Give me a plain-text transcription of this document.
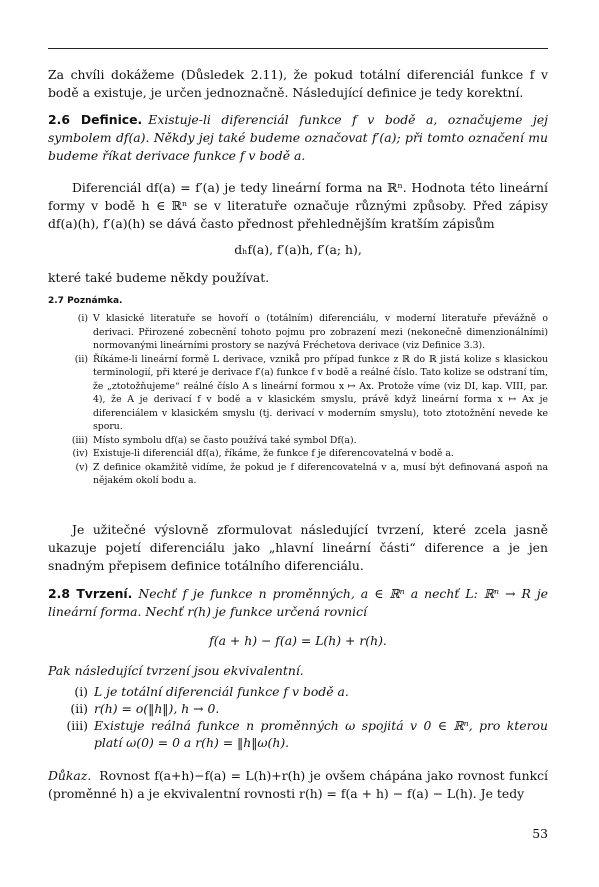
Za chvíli dokážeme (Důsledek 2.11), že pokud totální diferenciál funkce f v bodě a existuje, je určen jednoznačně. Následující definice je tedy korektní.

2.6 Definice. Existuje-li diferenciál funkce f v bodě a, označujeme jej symbolem df(a). Někdy jej také budeme označovat f′(a); při tomto označení mu budeme říkat derivace funkce f v bodě a.

Diferenciál df(a) = f′(a) je tedy lineární forma na ℝⁿ. Hodnota této lineární formy v bodě h ∈ ℝⁿ se v literatuře označuje různými způsoby. Před zápisy df(a)(h), f′(a)(h) se dává často přednost přehlednějším kratším zápisům

dₕf(a), f′(a)h, f′(a; h),

které také budeme někdy používat.

2.7 Poznámka.
(i) V klasické literatuře se hovoří o (totálním) diferenciálu, v moderní literatuře převážně o derivaci. Přirozené zobecnění tohoto pojmu pro zobrazení mezi (nekonečně dimenzionálními) normovanými lineárními prostory se nazývá Fréchetova derivace (viz Definice 3.3).
(ii) Říkáme-li lineární formě L derivace, vznikå pro případ funkce z ℝ do ℝ jistá kolize s klasickou terminologií, při které je derivace f′(a) funkce f v bodě a reálné číslo. Tato kolize se odstraní tím, že „ztotožňujeme“ reálné číslo A s lineární formou x ↦ Ax. Protože víme (viz DI, kap. VIII, par. 4), že A je derivací f v bodě a v klasickém smyslu, právě když lineární forma x ↦ Ax je diferenciálem v klasickém smyslu (tj. derivací v moderním smyslu), toto ztotožnění nevede ke sporu.
(iii) Místo symbolu df(a) se často používá také symbol Df(a).
(iv) Existuje-li diferenciál df(a), říkáme, že funkce f je diferencovatelná v bodě a.
(v) Z definice okamžitě vidíme, že pokud je f diferencovatelná v a, musí být definovaná aspoň na nějakém okolí bodu a.

Je užitečné výslovně zformulovat následující tvrzení, které zcela jasně ukazuje pojetí diferenciálu jako „hlavní lineární části“ diference a je jen snadným přepisem definice totálního diferenciálu.

2.8 Tvrzení. Nechť f je funkce n proměnných, a ∈ ℝⁿ a nechť L: ℝⁿ → R je lineární forma. Nechť r(h) je funkce určená rovnicí

f(a + h) − f(a) = L(h) + r(h).

Pak následující tvrzení jsou ekvivalentní.

(i) L je totální diferenciál funkce f v bodě a.
(ii) r(h) = o(‖h‖), h → 0.
(iii) Existuje reálná funkce n proměnných ω spojitá v 0 ∈ ℝⁿ, pro kterou platí ω(0) = 0 a r(h) = ‖h‖ω(h).

Důkaz. Rovnost f(a+h)−f(a) = L(h)+r(h) je ovšem chápána jako rovnost funkcí (proměnné h) a je ekvivalentní rovnosti r(h) = f(a + h) − f(a) − L(h). Je tedy

53
